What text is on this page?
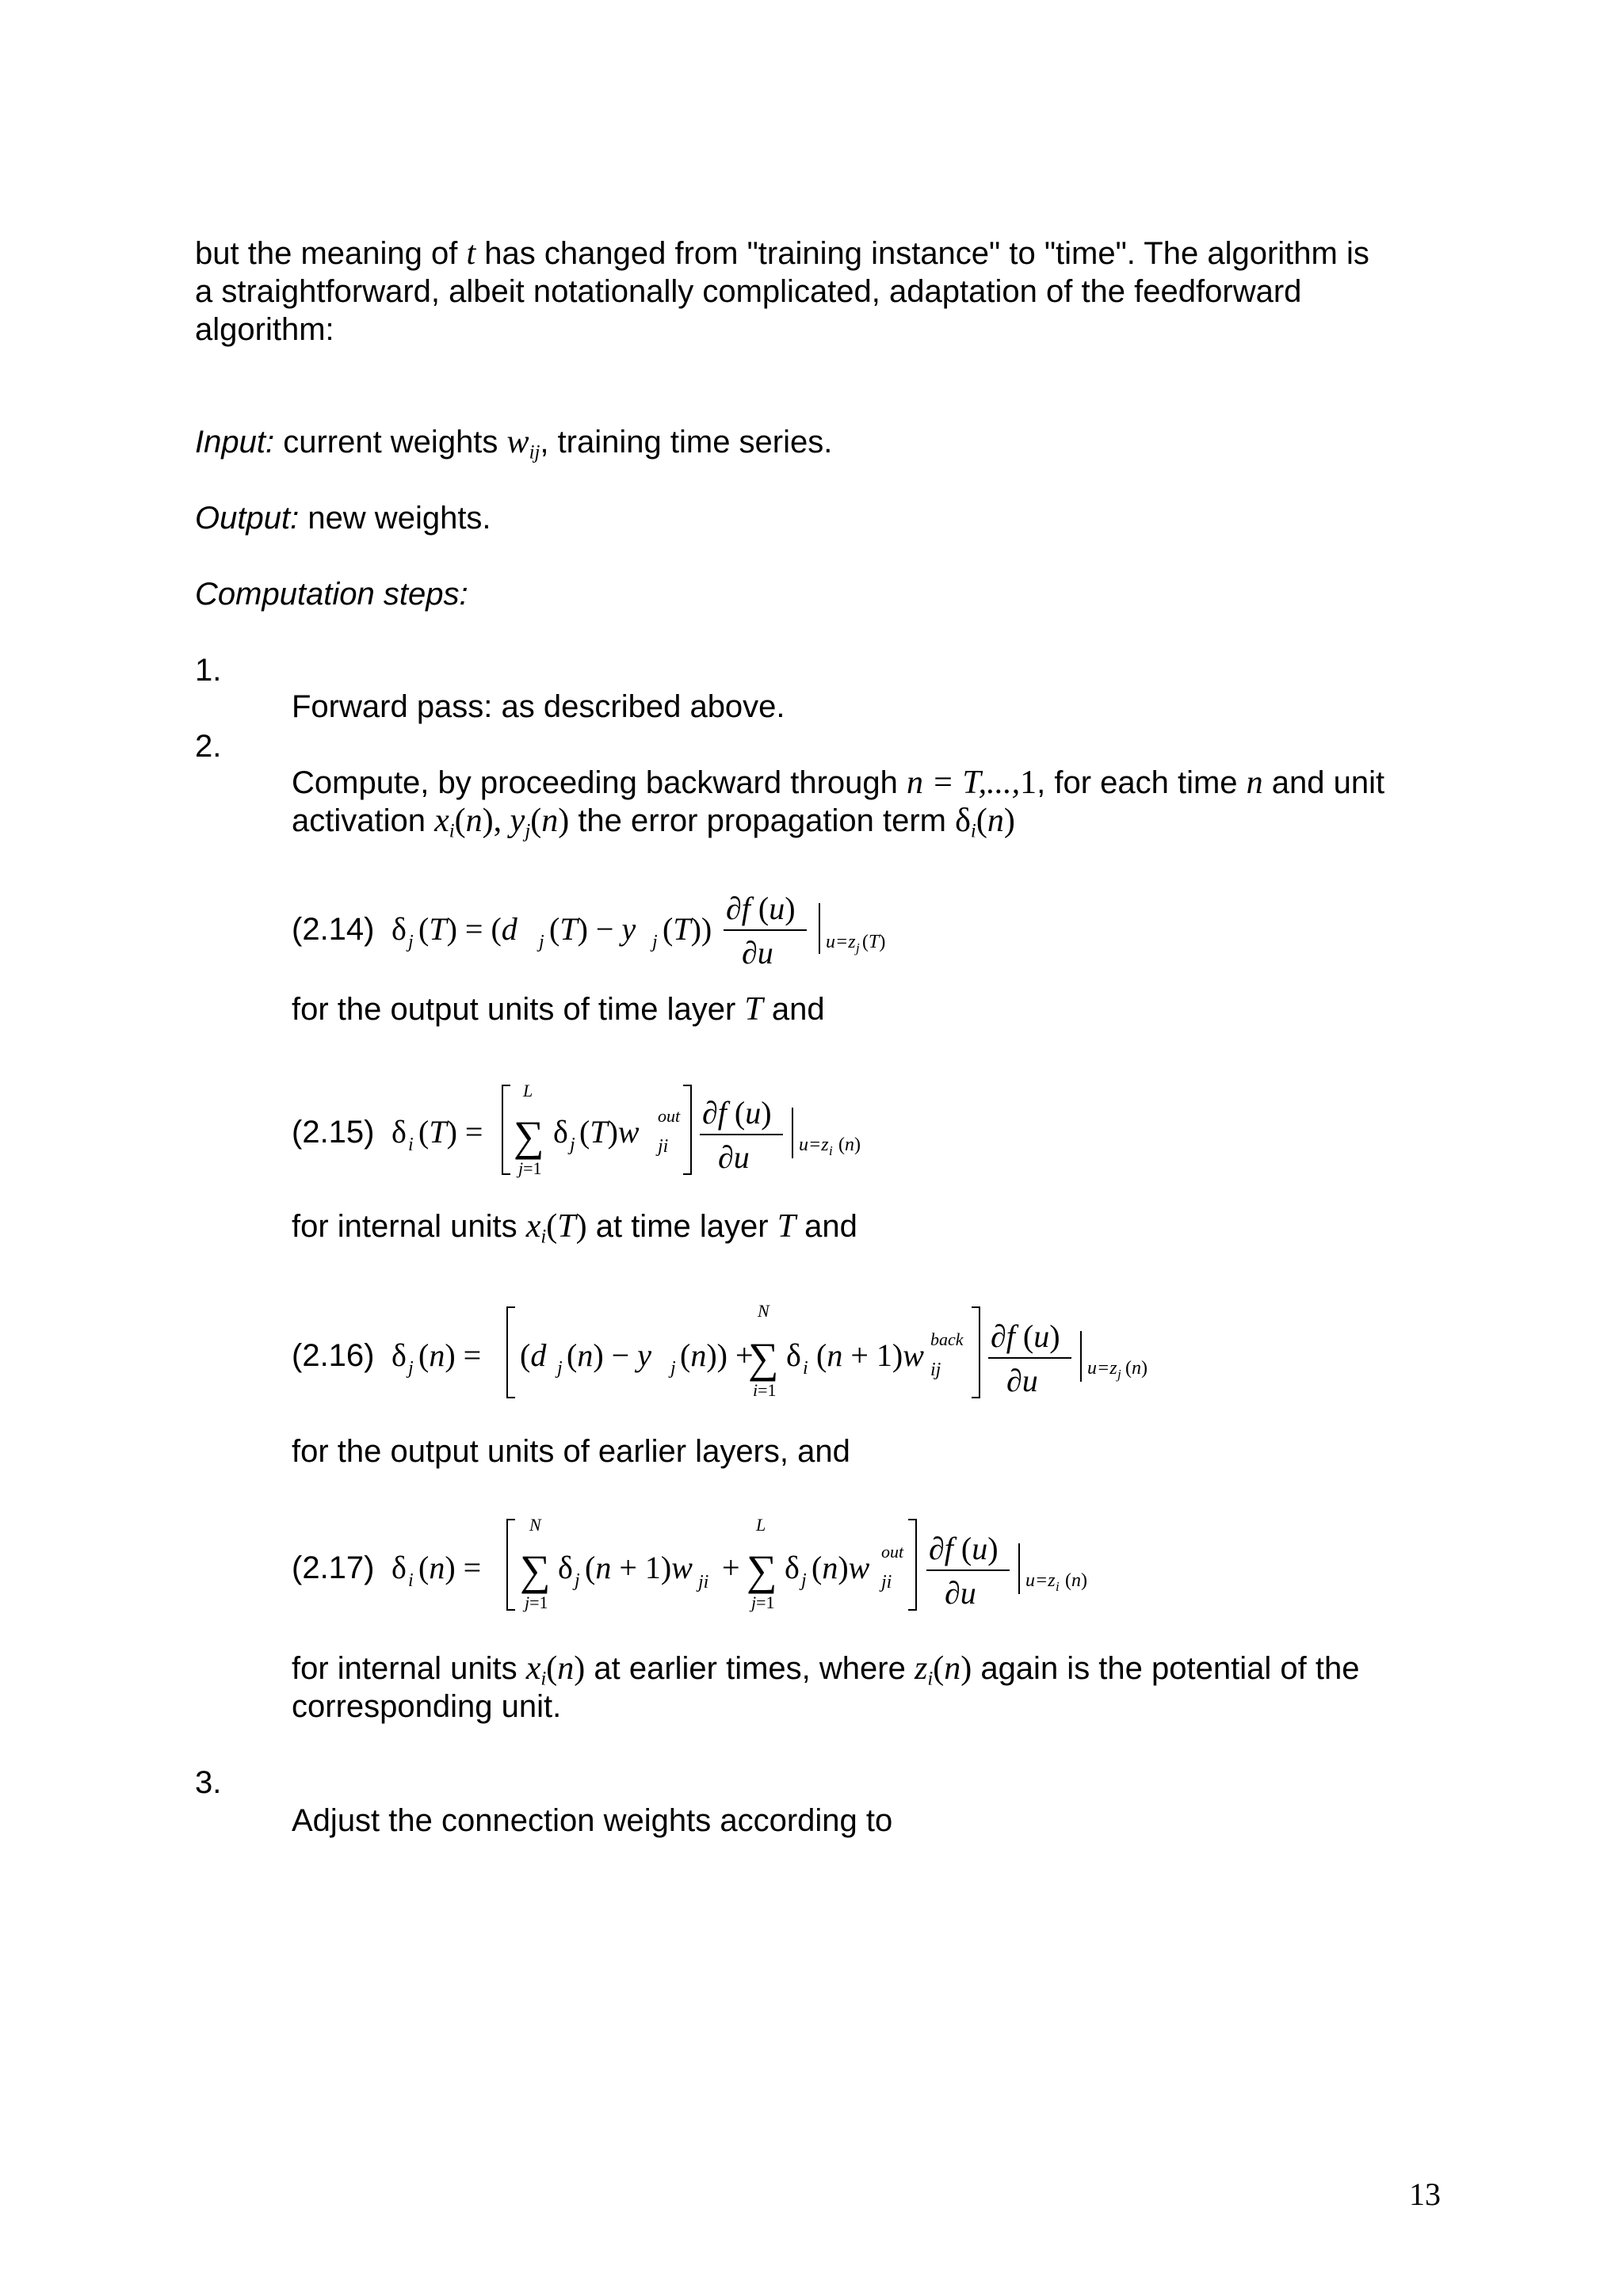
but the meaning of t has changed from "training instance" to "time". The algorithm is
a straightforward, albeit notationally complicated, adaptation of the feedforward
algorithm:
Input: current weights $w_{ij}$, training time series.
Output: new weights.
Computation steps:
1.
Forward pass: as described above.
2.
Compute, by proceeding backward through n = T,...,1, for each time n and unit
activation $x_i(n)$, $y_j(n)$ the error propagation term $\delta_i(n)$
(2.14) δ j (T) = (d j (T) − y j (T))
∂f (u)
∂u	u=z j (T)
for the output units of time layer T and
(2.15) δ i (T) =
L
∑
j=1
δ j (T)w out
ji
∂f (u)
∂u	u=z i (n)
for internal units $x_i(T)$ at time layer T and
(2.16) δ j (n) = (d j (n) − y j (n)) +
N
∑
i=1
δ i (n + 1)w back
ij
∂f (u)
∂u	u=z j (n)
for the output units of earlier layers, and
(2.17) δ i (n) =
N
∑
j=1
δ j (n + 1)w ji +
L
∑
j=1
δ j (n)w out
ji
∂f (u)
∂u	u=z i (n)
for internal units $x_i(n)$ at earlier times, where $z_i(n)$ again is the potential of the
corresponding unit.
3.
Adjust the connection weights according to
13
